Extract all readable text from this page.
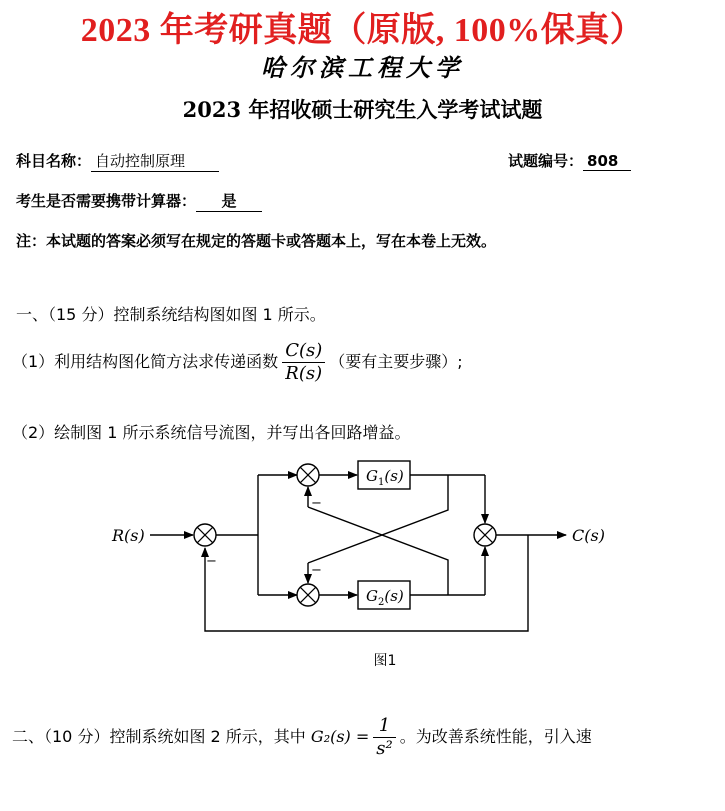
2023 年考研真题（原版, 100%保真）
哈尔滨工程大学
2023 年招收硕士研究生入学考试试题
科目名称： 自动控制原理	试题编号： 808
考生是否需要携带计算器： 是
注：本试题的答案必须写在规定的答题卡或答题本上，写在本卷上无效。
一、（15 分）控制系统结构图如图 1 所示。
（1）利用结构图化简方法求传递函数 $\frac{C(s)}{R(s)}$ （要有主要步骤）;
（2）绘制图 1 所示系统信号流图，并写出各回路增益。
R(s)
−
−
−
$G_1(s)$
$G_2(s)$
C(s)
图1
二、（10 分）控制系统如图 2 所示，其中 $G_2(s) = \frac{1}{\text{s²}}$ 。为改善系统性能，引入速
